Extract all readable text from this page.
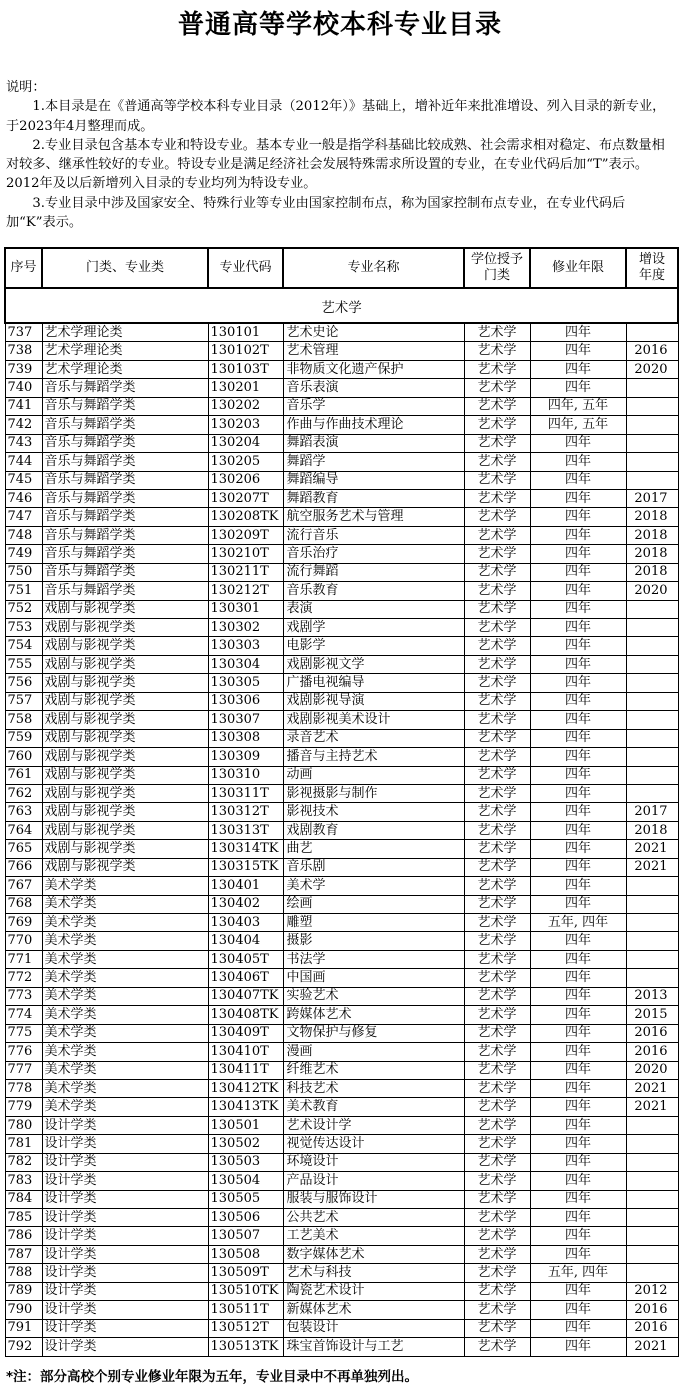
普通高等学校本科专业目录

说明：

1.本目录是在《普通高等学校本科专业目录（2012年）》基础上，增补近年来批准增设、列入目录的新专业，于2023年4月整理而成。

2.专业目录包含基本专业和特设专业。基本专业一般是指学科基础比较成熟、社会需求相对稳定、布点数量相对较多、继承性较好的专业。特设专业是满足经济社会发展特殊需求所设置的专业，在专业代码后加“T”表示。2012年及以后新增列入目录的专业均列为特设专业。

3.专业目录中涉及国家安全、特殊行业等专业由国家控制布点，称为国家控制布点专业，在专业代码后加“K”表示。

序号	门类、专业类	专业代码	专业名称	学位授予门类	修业年限	增设年度
艺术学						
737	艺术学理论类	130101	艺术史论	艺术学	四年	
738	艺术学理论类	130102T	艺术管理	艺术学	四年	2016
739	艺术学理论类	130103T	非物质文化遗产保护	艺术学	四年	2020
740	音乐与舞蹈学类	130201	音乐表演	艺术学	四年	
741	音乐与舞蹈学类	130202	音乐学	艺术学	四年, 五年	
742	音乐与舞蹈学类	130203	作曲与作曲技术理论	艺术学	四年, 五年	
743	音乐与舞蹈学类	130204	舞蹈表演	艺术学	四年	
744	音乐与舞蹈学类	130205	舞蹈学	艺术学	四年	
745	音乐与舞蹈学类	130206	舞蹈编导	艺术学	四年	
746	音乐与舞蹈学类	130207T	舞蹈教育	艺术学	四年	2017
747	音乐与舞蹈学类	130208TK	航空服务艺术与管理	艺术学	四年	2018
748	音乐与舞蹈学类	130209T	流行音乐	艺术学	四年	2018
749	音乐与舞蹈学类	130210T	音乐治疗	艺术学	四年	2018
750	音乐与舞蹈学类	130211T	流行舞蹈	艺术学	四年	2018
751	音乐与舞蹈学类	130212T	音乐教育	艺术学	四年	2020
752	戏剧与影视学类	130301	表演	艺术学	四年	
753	戏剧与影视学类	130302	戏剧学	艺术学	四年	
754	戏剧与影视学类	130303	电影学	艺术学	四年	
755	戏剧与影视学类	130304	戏剧影视文学	艺术学	四年	
756	戏剧与影视学类	130305	广播电视编导	艺术学	四年	
757	戏剧与影视学类	130306	戏剧影视导演	艺术学	四年	
758	戏剧与影视学类	130307	戏剧影视美术设计	艺术学	四年	
759	戏剧与影视学类	130308	录音艺术	艺术学	四年	
760	戏剧与影视学类	130309	播音与主持艺术	艺术学	四年	
761	戏剧与影视学类	130310	动画	艺术学	四年	
762	戏剧与影视学类	130311T	影视摄影与制作	艺术学	四年	
763	戏剧与影视学类	130312T	影视技术	艺术学	四年	2017
764	戏剧与影视学类	130313T	戏剧教育	艺术学	四年	2018
765	戏剧与影视学类	130314TK	曲艺	艺术学	四年	2021
766	戏剧与影视学类	130315TK	音乐剧	艺术学	四年	2021
767	美术学类	130401	美术学	艺术学	四年	
768	美术学类	130402	绘画	艺术学	四年	
769	美术学类	130403	雕塑	艺术学	五年, 四年	
770	美术学类	130404	摄影	艺术学	四年	
771	美术学类	130405T	书法学	艺术学	四年	
772	美术学类	130406T	中国画	艺术学	四年	
773	美术学类	130407TK	实验艺术	艺术学	四年	2013
774	美术学类	130408TK	跨媒体艺术	艺术学	四年	2015
775	美术学类	130409T	文物保护与修复	艺术学	四年	2016
776	美术学类	130410T	漫画	艺术学	四年	2016
777	美术学类	130411T	纤维艺术	艺术学	四年	2020
778	美术学类	130412TK	科技艺术	艺术学	四年	2021
779	美术学类	130413TK	美术教育	艺术学	四年	2021
780	设计学类	130501	艺术设计学	艺术学	四年	
781	设计学类	130502	视觉传达设计	艺术学	四年	
782	设计学类	130503	环境设计	艺术学	四年	
783	设计学类	130504	产品设计	艺术学	四年	
784	设计学类	130505	服装与服饰设计	艺术学	四年	
785	设计学类	130506	公共艺术	艺术学	四年	
786	设计学类	130507	工艺美术	艺术学	四年	
787	设计学类	130508	数字媒体艺术	艺术学	四年	
788	设计学类	130509T	艺术与科技	艺术学	五年, 四年	
789	设计学类	130510TK	陶瓷艺术设计	艺术学	四年	2012
790	设计学类	130511T	新媒体艺术	艺术学	四年	2016
791	设计学类	130512T	包装设计	艺术学	四年	2016
792	设计学类	130513TK	珠宝首饰设计与工艺	艺术学	四年	2021
*注：部分高校个别专业修业年限为五年，专业目录中不再单独列出。
